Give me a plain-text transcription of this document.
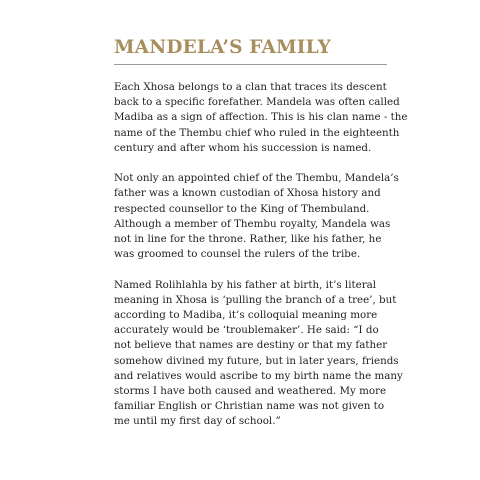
MANDELA’S FAMILY

Each Xhosa belongs to a clan that traces its descent
back to a specific forefather. Mandela was often called
Madiba as a sign of affection. This is his clan name - the
name of the Thembu chief who ruled in the eighteenth
century and after whom his succession is named.

Not only an appointed chief of the Thembu, Mandela’s
father was a known custodian of Xhosa history and
respected counsellor to the King of Thembuland.
Although a member of Thembu royalty, Mandela was
not in line for the throne. Rather, like his father, he
was groomed to counsel the rulers of the tribe.

Named Rolihlahla by his father at birth, it’s literal
meaning in Xhosa is ‘pulling the branch of a tree’, but
according to Madiba, it’s colloquial meaning more
accurately would be ‘troublemaker’. He said: “I do
not believe that names are destiny or that my father
somehow divined my future, but in later years, friends
and relatives would ascribe to my birth name the many
storms I have both caused and weathered. My more
familiar English or Christian name was not given to
me until my first day of school.”
